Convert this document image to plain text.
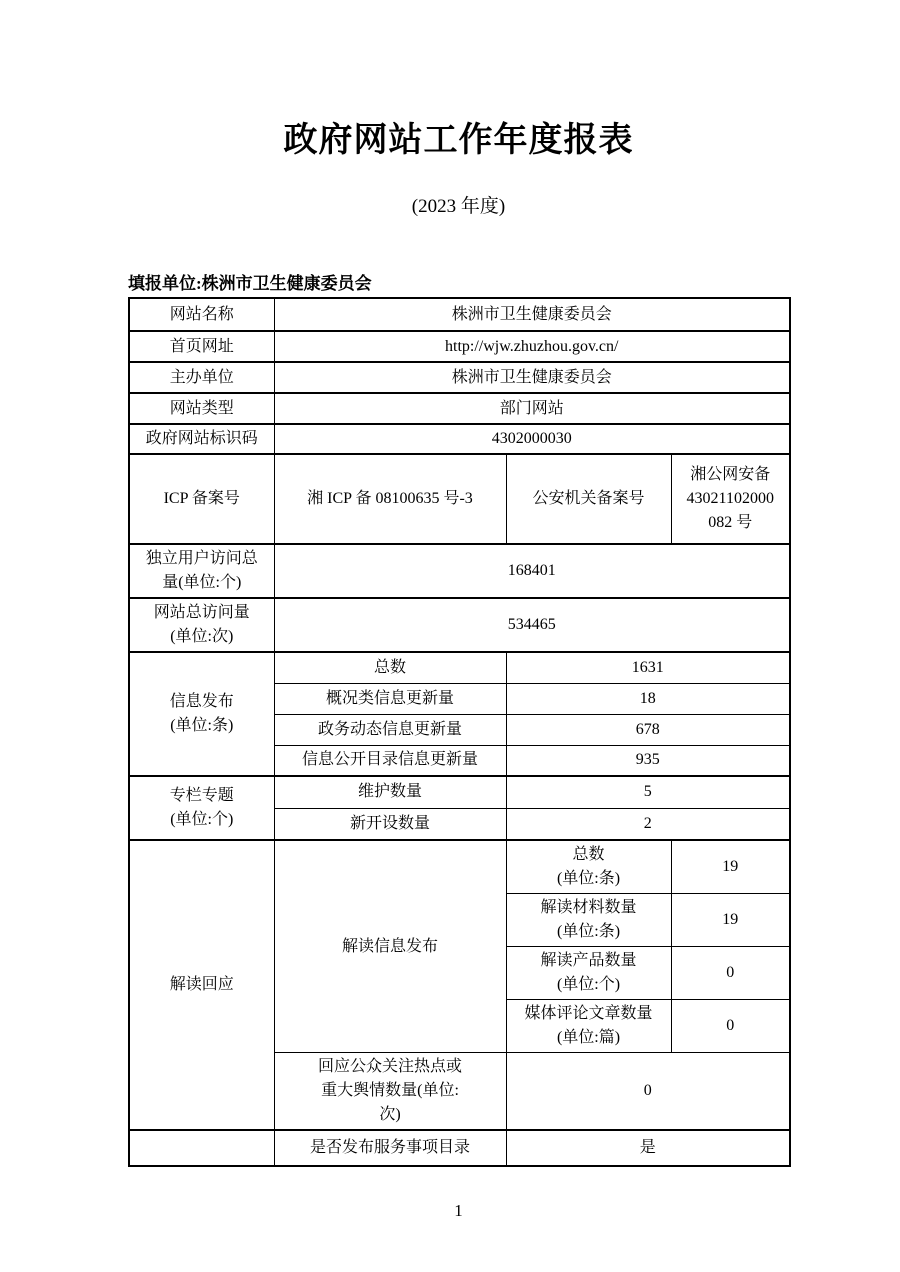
政府网站工作年度报表
(2023 年度)
填报单位:株洲市卫生健康委员会
网站名称	株洲市卫生健康委员会		
首页网址	http://wjw.zhuzhou.gov.cn/		
主办单位	株洲市卫生健康委员会		
网站类型	部门网站		
政府网站标识码	4302000030		
ICP 备案号	湘 ICP 备 08100635 号-3	公安机关备案号	湘公网安备
43021102000
082 号
独立用户访问总
量(单位:个)	168401		
网站总访问量
(单位:次)	534465		
信息发布
(单位:条)	总数	1631	
	概况类信息更新量	18	
	政务动态信息更新量	678	
	信息公开目录信息更新量	935	
专栏专题
(单位:个)	维护数量	5	
	新开设数量	2	
解读回应	解读信息发布	总数
(单位:条)	19
		解读材料数量
(单位:条)	19
		解读产品数量
(单位:个)	0
		媒体评论文章数量
(单位:篇)	0
	回应公众关注热点或
重大舆情数量(单位:
次)	0	
	是否发布服务事项目录	是	
1
